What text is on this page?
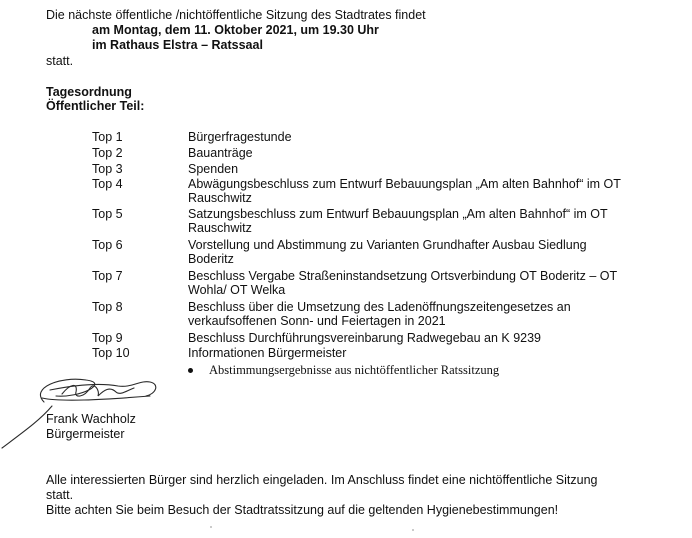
Die nächste öffentliche /nichtöffentliche Sitzung des Stadtrates findet
am Montag, dem 11. Oktober 2021, um 19.30 Uhr
im Rathaus Elstra – Ratssaal
statt.
Tagesordnung
Öffentlicher Teil:
Top 1	Bürgerfragestunde
Top 2	Bauanträge
Top 3	Spenden
Top 4	Abwägungsbeschluss zum Entwurf Bebauungsplan „Am alten Bahnhof“ im OT
Rauschwitz
Top 5	Satzungsbeschluss zum Entwurf Bebauungsplan „Am alten Bahnhof“ im OT
Rauschwitz
Top 6	Vorstellung und Abstimmung zu Varianten Grundhafter Ausbau Siedlung
Boderitz
Top 7	Beschluss Vergabe Straßeninstandsetzung Ortsverbindung OT Boderitz – OT
Wohla/ OT Welka
Top 8	Beschluss über die Umsetzung des Ladenöffnungszeitengesetzes an
verkaufsoffenen Sonn- und Feiertagen in 2021
Top 9	Beschluss Durchführungsvereinbarung Radwegebau an K 9239
Top 10	Informationen Bürgermeister
Abstimmungsergebnisse aus nichtöffentlicher Ratssitzung
Frank Wachholz
Bürgermeister
Alle interessierten Bürger sind herzlich eingeladen. Im Anschluss findet eine nichtöffentliche Sitzung
statt.
Bitte achten Sie beim Besuch der Stadtratssitzung auf die geltenden Hygienebestimmungen!
